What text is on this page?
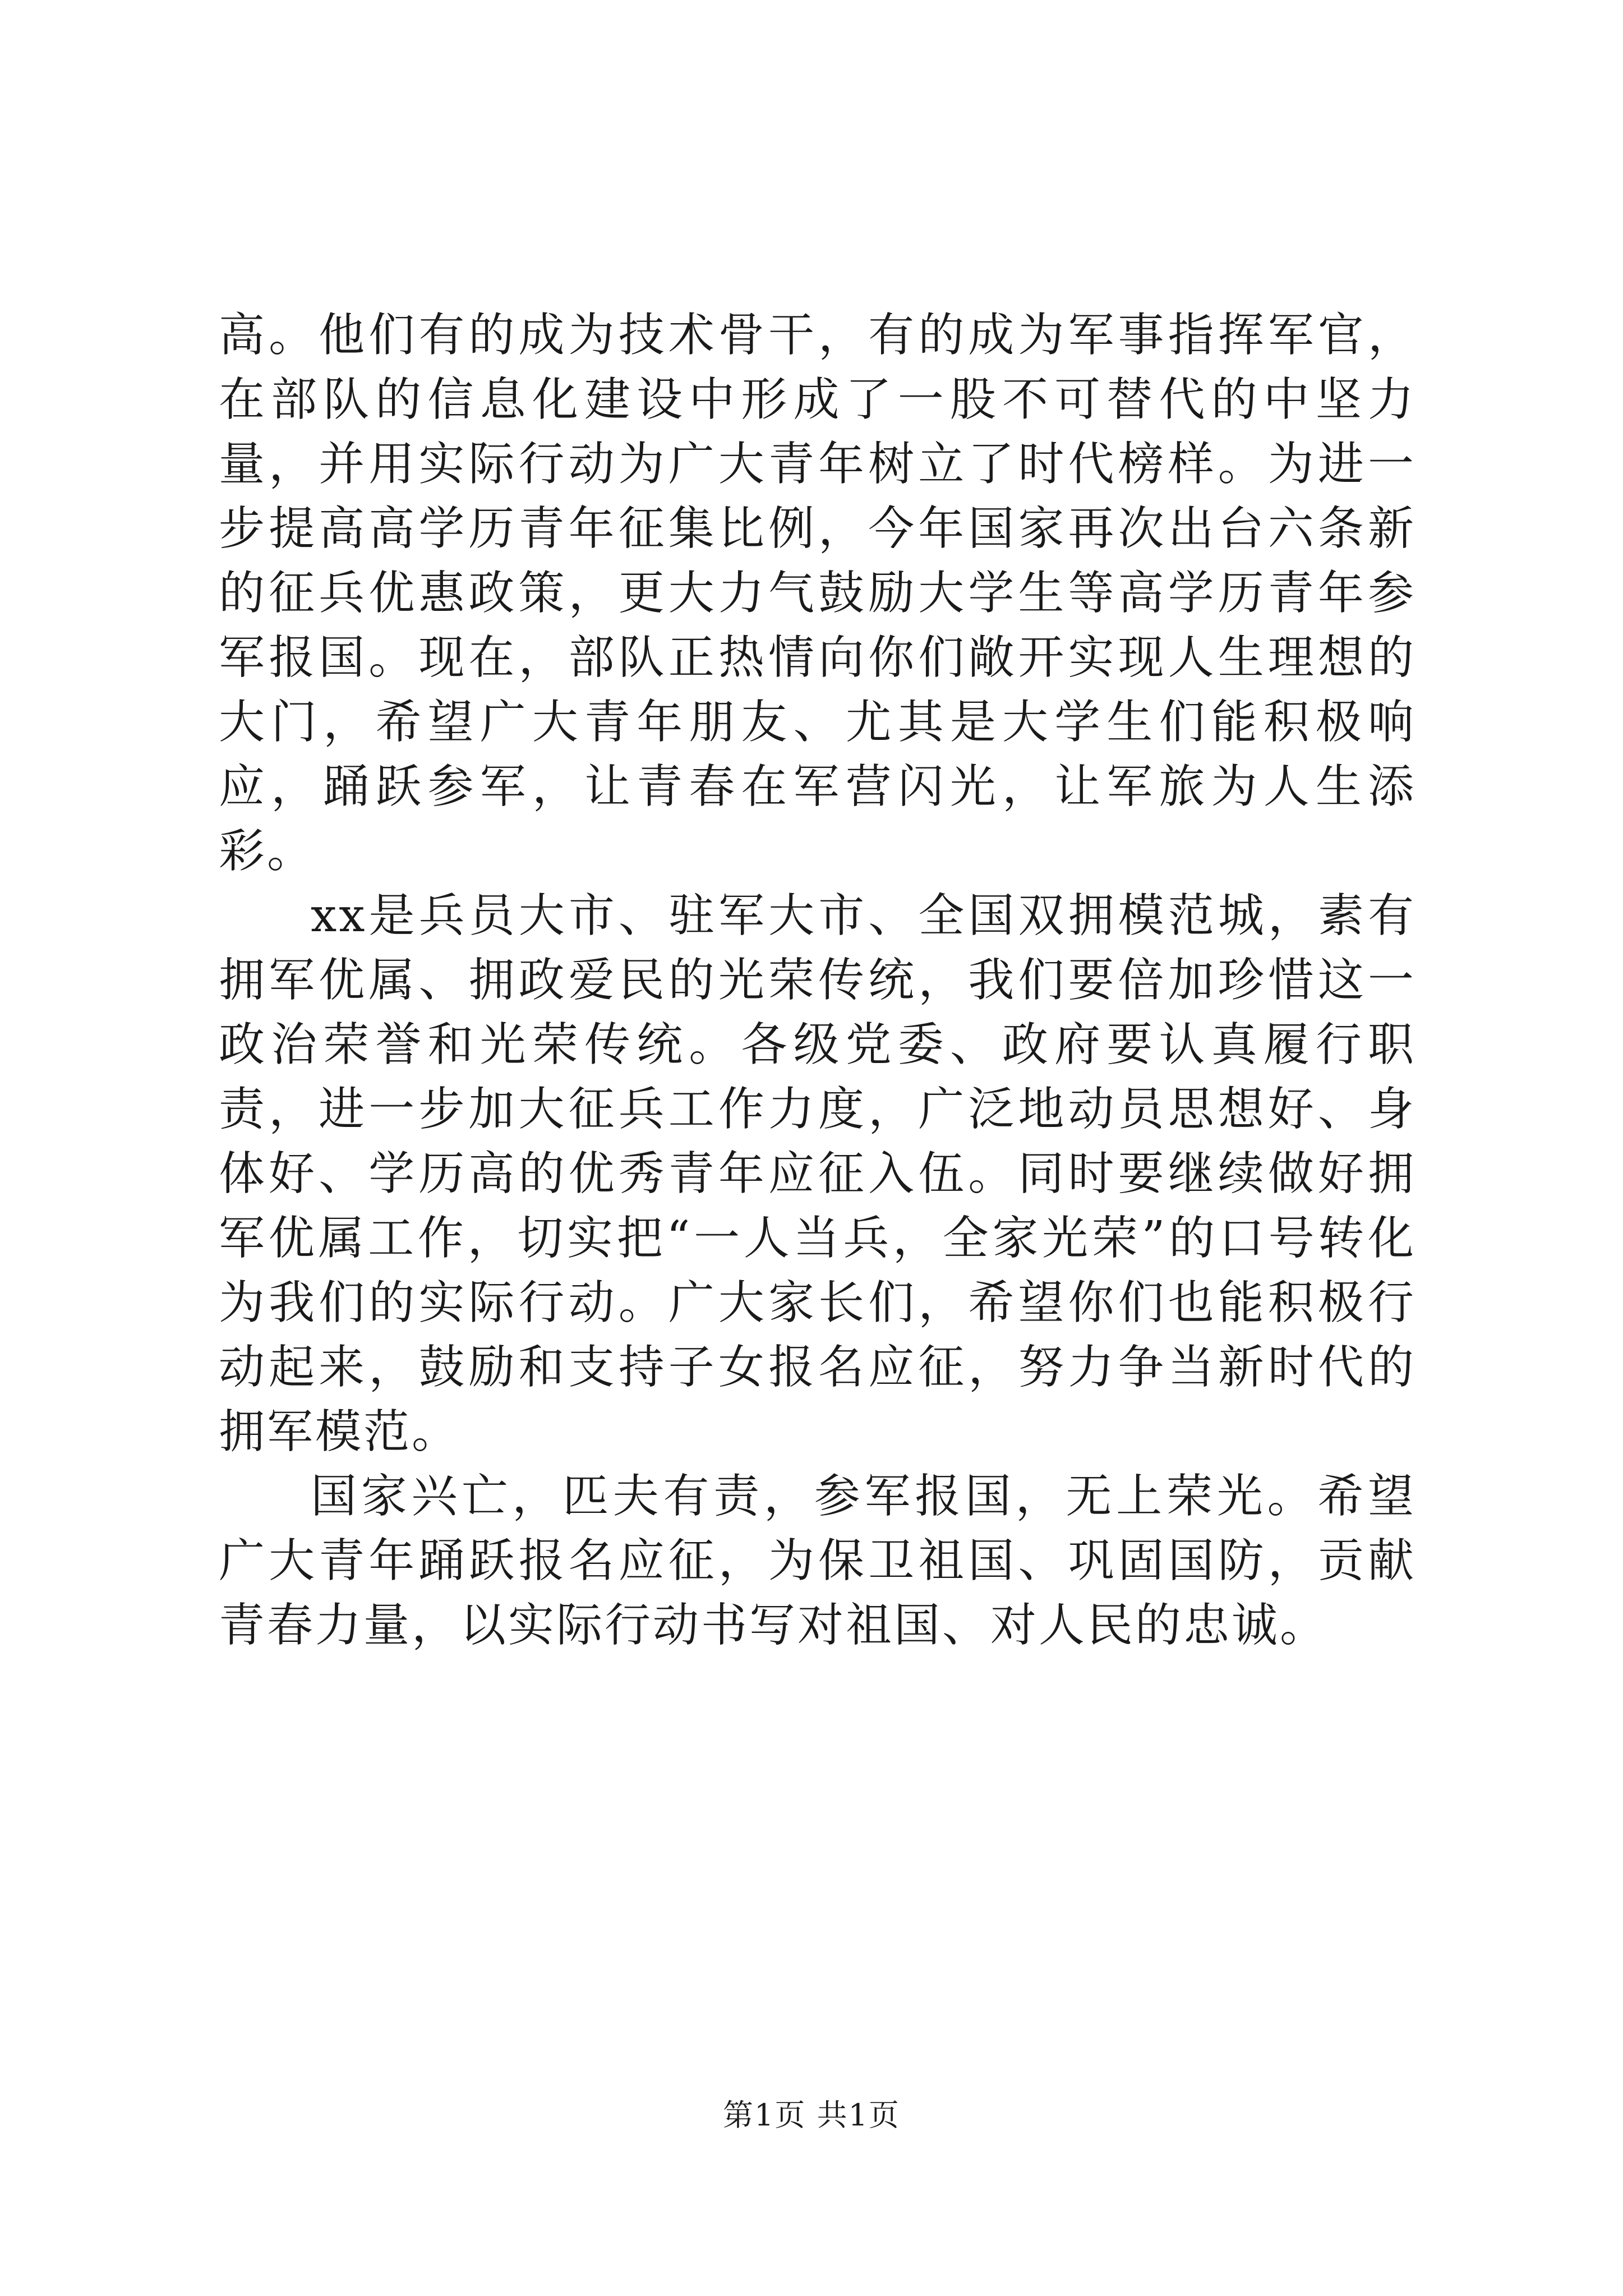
高。他们有的成为技术骨干，有的成为军事指挥军官，在部队的信息化建设中形成了一股不可替代的中坚力量，并用实际行动为广大青年树立了时代榜样。为进一步提高高学历青年征集比例，今年国家再次出台六条新的征兵优惠政策，更大力气鼓励大学生等高学历青年参军报国。现在，部队正热情向你们敞开实现人生理想的大门，希望广大青年朋友、尤其是大学生们能积极响应，踊跃参军，让青春在军营闪光，让军旅为人生添彩。

xx是兵员大市、驻军大市、全国双拥模范城，素有拥军优属、拥政爱民的光荣传统，我们要倍加珍惜这一政治荣誉和光荣传统。各级党委、政府要认真履行职责，进一步加大征兵工作力度，广泛地动员思想好、身体好、学历高的优秀青年应征入伍。同时要继续做好拥军优属工作，切实把“一人当兵，全家光荣”的口号转化为我们的实际行动。广大家长们，希望你们也能积极行动起来，鼓励和支持子女报名应征，努力争当新时代的拥军模范。

国家兴亡，匹夫有责，参军报国，无上荣光。希望广大青年踊跃报名应征，为保卫祖国、巩固国防，贡献青春力量，以实际行动书写对祖国、对人民的忠诚。

第1页 共1页
